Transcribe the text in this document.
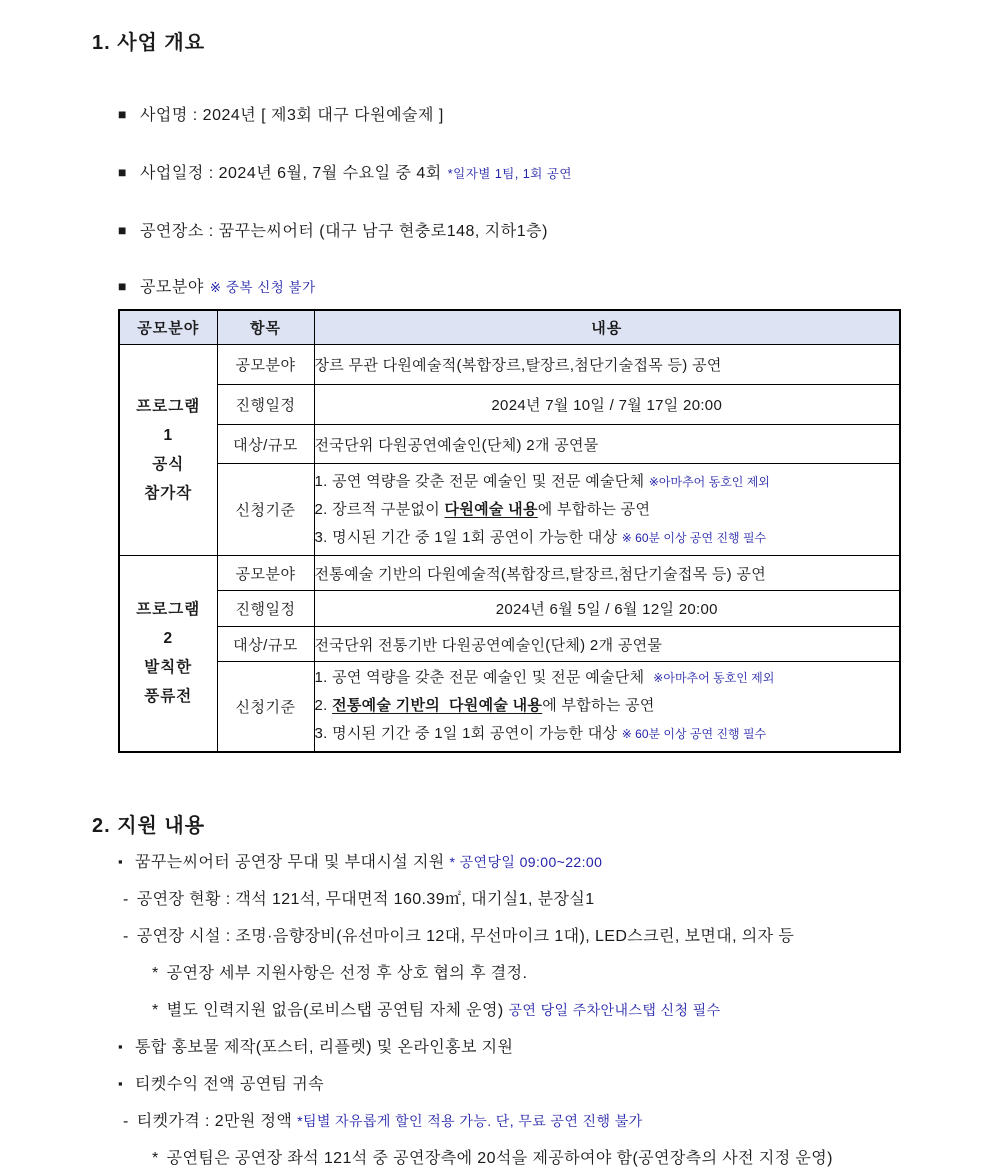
1. 사업 개요
■ 사업명 : 2024년 [ 제3회 대구 다원예술제 ]
■ 사업일정 : 2024년 6월, 7월 수요일 중 4회 *일자별 1팀, 1회 공연
■ 공연장소 : 꿈꾸는씨어터 (대구 남구 현충로148, 지하1층)
■ 공모분야 ※ 중복 신청 불가
공모분야	항목	내용

프로그램
1
공식
참가작	공모분야	장르 무관 다원예술적(복합장르,탈장르,첨단기술접목 등) 공연
	진행일정	2024년 7월 10일 / 7월 17일 20:00
	대상/규모	전국단위 다원공연예술인(단체) 2개 공연물
	신청기준	1. 공연 역량을 갖춘 전문 예술인 및 전문 예술단체 ※아마추어 동호인 제외
2. 장르적 구분없이 다원예술 내용에 부합하는 공연
3. 명시된 기간 중 1일 1회 공연이 가능한 대상 ※ 60분 이상 공연 진행 필수

프로그램
2
발칙한
풍류전	공모분야	전통예술 기반의 다원예술적(복합장르,탈장르,첨단기술접목 등) 공연
	진행일정	2024년 6월 5일 / 6월 12일 20:00
	대상/규모	전국단위 전통기반 다원공연예술인(단체) 2개 공연물
	신청기준	1. 공연 역량을 갖춘 전문 예술인 및 전문 예술단체  ※아마추어 동호인 제외
2. 전통예술 기반의  다원예술 내용에 부합하는 공연
3. 명시된 기간 중 1일 1회 공연이 가능한 대상 ※ 60분 이상 공연 진행 필수
2. 지원 내용
▪ 꿈꾸는씨어터 공연장 무대 및 부대시설 지원 * 공연당일 09:00~22:00
- 공연장 현황 : 객석 121석, 무대면적 160.39㎡, 대기실1, 분장실1
- 공연장 시설 : 조명·음향장비(유선마이크 12대, 무선마이크 1대), LED스크린, 보면대, 의자 등
* 공연장 세부 지원사항은 선정 후 상호 협의 후 결정.
* 별도 인력지원 없음(로비스탭 공연팀 자체 운영) 공연 당일 주차안내스탭 신청 필수
▪ 통합 홍보물 제작(포스터, 리플렛) 및 온라인홍보 지원
▪ 티켓수익 전액 공연팀 귀속
- 티켓가격 : 2만원 정액 *팀별 자유롭게 할인 적용 가능. 단, 무료 공연 진행 불가
* 공연팀은 공연장 좌석 121석 중 공연장측에 20석을 제공하여야 함(공연장측의 사전 지정 운영)
